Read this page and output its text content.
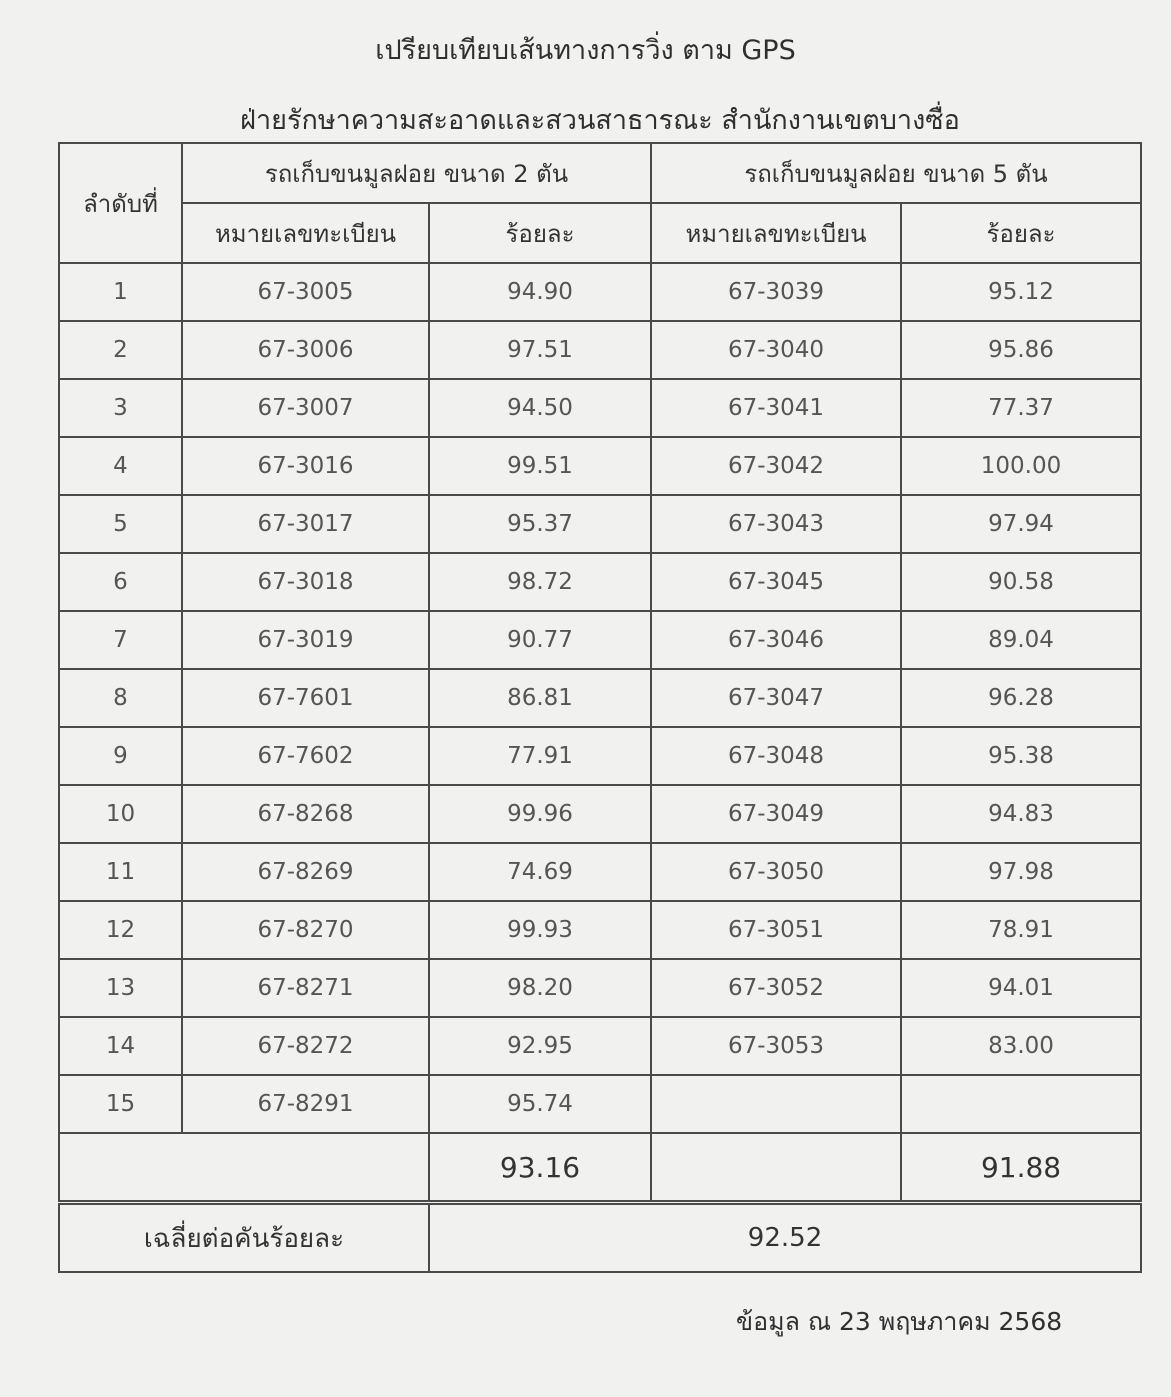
เปรียบเทียบเส้นทางการวิ่ง ตาม GPS
ฝ่ายรักษาความสะอาดและสวนสาธารณะ สำนักงานเขตบางซื่อ
ลำดับที่	รถเก็บขนมูลฝอย ขนาด 2 ตัน		รถเก็บขนมูลฝอย ขนาด 5 ตัน	
	หมายเลขทะเบียน	ร้อยละ	หมายเลขทะเบียน	ร้อยละ
1	67-3005	94.90	67-3039	95.12
2	67-3006	97.51	67-3040	95.86
3	67-3007	94.50	67-3041	77.37
4	67-3016	99.51	67-3042	100.00
5	67-3017	95.37	67-3043	97.94
6	67-3018	98.72	67-3045	90.58
7	67-3019	90.77	67-3046	89.04
8	67-7601	86.81	67-3047	96.28
9	67-7602	77.91	67-3048	95.38
10	67-8268	99.96	67-3049	94.83
11	67-8269	74.69	67-3050	97.98
12	67-8270	99.93	67-3051	78.91
13	67-8271	98.20	67-3052	94.01
14	67-8272	92.95	67-3053	83.00
15	67-8291	95.74		
		93.16		91.88
เฉลี่ยต่อคันร้อยละ		92.52		
ข้อมูล ณ 23 พฤษภาคม 2568
